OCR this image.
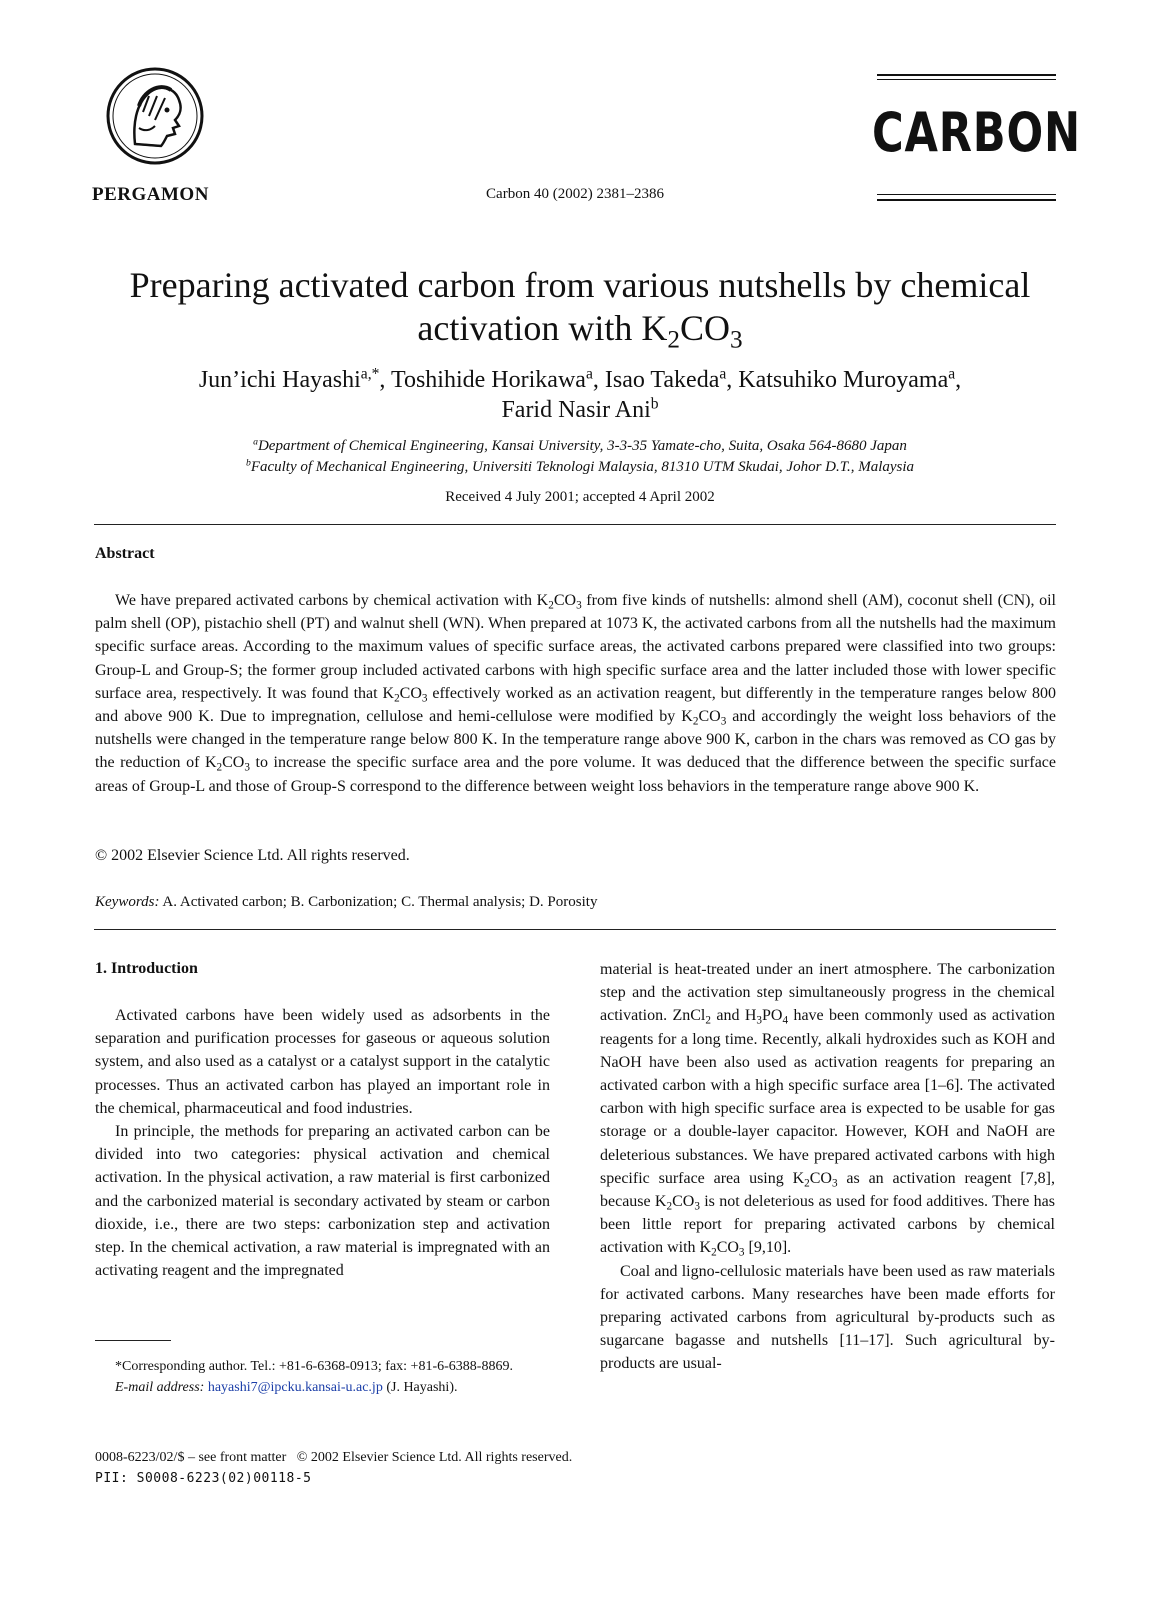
PERGAMON	Carbon 40 (2002) 2381–2386
CARBON
Preparing activated carbon from various nutshells by chemical activation with $K_2CO_3$
Jun’ichi Hayashi$^{a,*}$, Toshihide Horikawa$^a$, Isao Takeda$^a$, Katsuhiko Muroyama$^a$,
Farid Nasir Ani$^b$
$^a$Department of Chemical Engineering, Kansai University, 3-3-35 Yamate-cho, Suita, Osaka 564-8680 Japan
$^b$Faculty of Mechanical Engineering, Universiti Teknologi Malaysia, 81310 UTM Skudai, Johor D.T., Malaysia
Received 4 July 2001; accepted 4 April 2002
Abstract

We have prepared activated carbons by chemical activation with $K_2CO_3$ from five kinds of nutshells: almond shell (AM), coconut shell (CN), oil palm shell (OP), pistachio shell (PT) and walnut shell (WN). When prepared at 1073 K, the activated carbons from all the nutshells had the maximum specific surface areas. According to the maximum values of specific surface areas, the activated carbons prepared were classified into two groups: Group-L and Group-S; the former group included activated carbons with high specific surface area and the latter included those with lower specific surface area, respectively. It was found that $K_2CO_3$ effectively worked as an activation reagent, but differently in the temperature ranges below 800 and above 900 K. Due to impregnation, cellulose and hemi-cellulose were modified by $K_2CO_3$ and accordingly the weight loss behaviors of the nutshells were changed in the temperature range below 800 K. In the temperature range above 900 K, carbon in the chars was removed as CO gas by the reduction of $K_2CO_3$ to increase the specific surface area and the pore volume. It was deduced that the difference between the specific surface areas of Group-L and those of Group-S correspond to the difference between weight loss behaviors in the temperature range above 900 K.

© 2002 Elsevier Science Ltd. All rights reserved.
Keywords: A. Activated carbon; B. Carbonization; C. Thermal analysis; D. Porosity
1. Introduction

Activated carbons have been widely used as adsorbents in the separation and purification processes for gaseous or aqueous solution system, and also used as a catalyst or a catalyst support in the catalytic processes. Thus an activated carbon has played an important role in the chemical, pharmaceutical and food industries.

In principle, the methods for preparing an activated carbon can be divided into two categories: physical activation and chemical activation. In the physical activation, a raw material is first carbonized and the carbonized material is secondary activated by steam or carbon dioxide, i.e., there are two steps: carbonization step and activation step. In the chemical activation, a raw material is impregnated with an activating reagent and the impregnated

material is heat-treated under an inert atmosphere. The carbonization step and the activation step simultaneously progress in the chemical activation. ZnCl$_2$ and $H_3PO_4$ have been commonly used as activation reagents for a long time. Recently, alkali hydroxides such as KOH and NaOH have been also used as activation reagents for preparing an activated carbon with a high specific surface area [1–6]. The activated carbon with high specific surface area is expected to be usable for gas storage or a double-layer capacitor. However, KOH and NaOH are deleterious substances. We have prepared activated carbons with high specific surface area using $K_2CO_3$ as an activation reagent [7,8], because $K_2CO_3$ is not deleterious as used for food additives. There has been little report for preparing activated carbons by chemical activation with $K_2CO_3$ [9,10].

Coal and ligno-cellulosic materials have been used as raw materials for activated carbons. Many researches have been made efforts for preparing activated carbons from agricultural by-products such as sugarcane bagasse and nutshells [11–17]. Such agricultural by-products are usual-

*Corresponding author. Tel.: +81-6-6368-0913; fax: +81-6-6388-8869.

E-mail address: hayashi7@ipcku.kansai-u.ac.jp (J. Hayashi).

0008-6223/02/$ – see front matter   © 2002 Elsevier Science Ltd. All rights reserved.
PII: S0008-6223(02)00118-5
